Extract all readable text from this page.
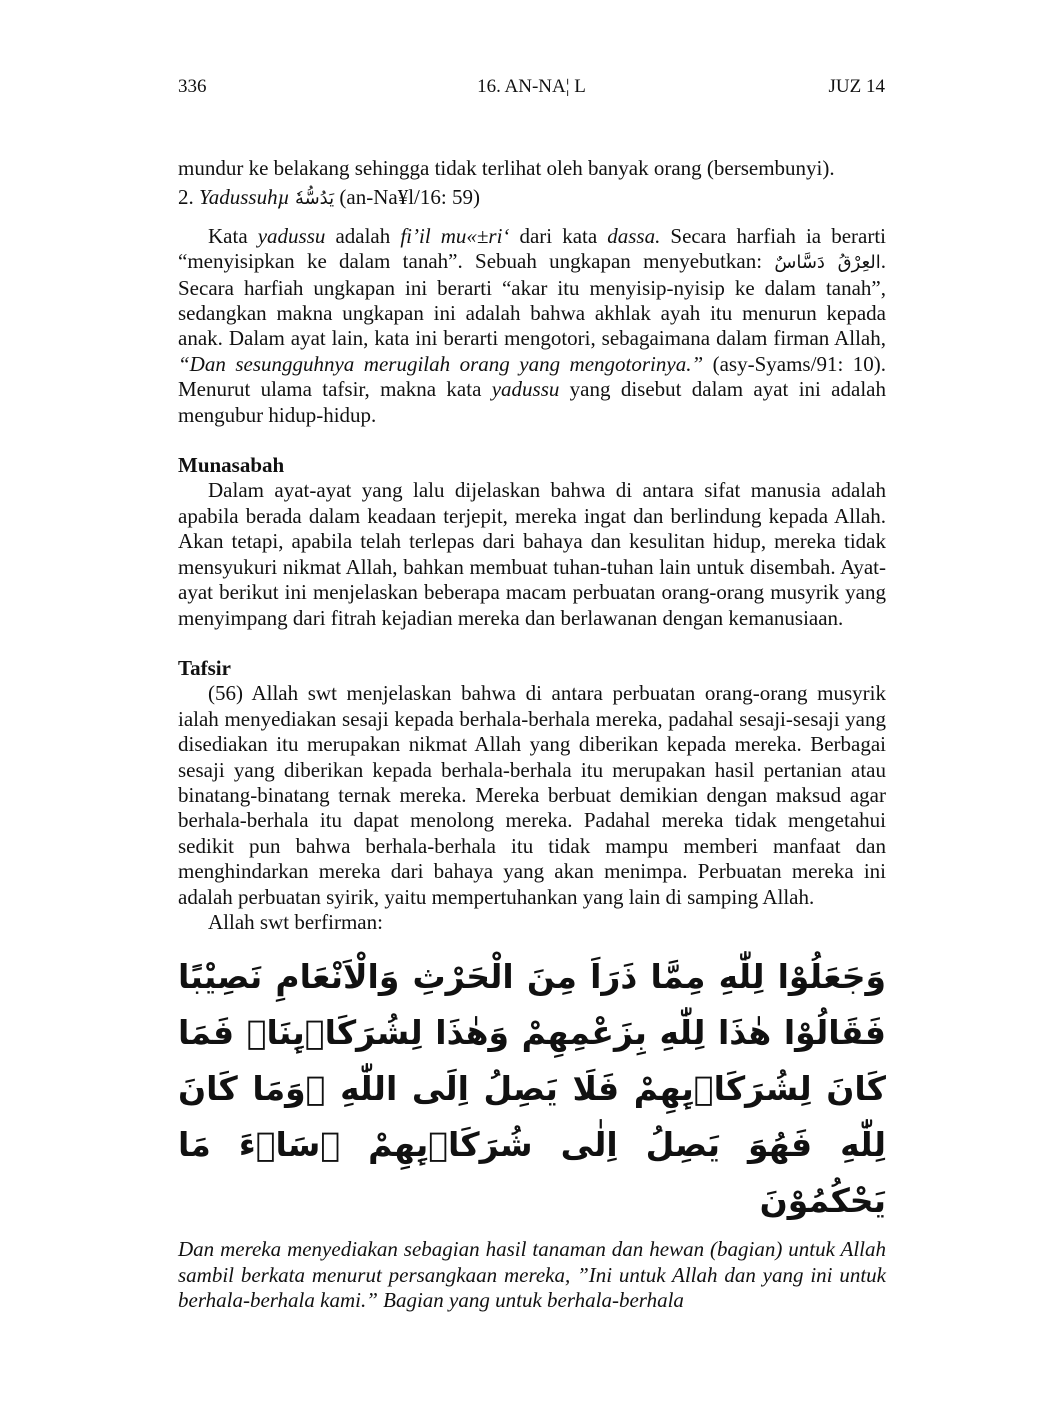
16. AN-NA¦ L
336	JUZ 14

mundur ke belakang sehingga tidak terlihat oleh banyak orang (bersembunyi).

2. Yadussuhµ يَدُسُّهٗ (an-Na¥l/16: 59)

Kata yadussu adalah fi’il mu«±ri‘ dari kata dassa. Secara harfiah ia berarti “menyisipkan ke dalam tanah”. Sebuah ungkapan menyebutkan: العِرْقُ دَسَّاسٌ. Secara harfiah ungkapan ini berarti “akar itu menyisip-nyisip ke dalam tanah”, sedangkan makna ungkapan ini adalah bahwa akhlak ayah itu menurun kepada anak. Dalam ayat lain, kata ini berarti mengotori, sebagaimana dalam firman Allah, “Dan sesungguhnya merugilah orang yang mengotorinya.” (asy-Syams/91: 10). Menurut ulama tafsir, makna kata yadussu yang disebut dalam ayat ini adalah mengubur hidup-hidup.

Munasabah

Dalam ayat-ayat yang lalu dijelaskan bahwa di antara sifat manusia adalah apabila berada dalam keadaan terjepit, mereka ingat dan berlindung kepada Allah. Akan tetapi, apabila telah terlepas dari bahaya dan kesulitan hidup, mereka tidak mensyukuri nikmat Allah, bahkan membuat tuhan-tuhan lain untuk disembah. Ayat-ayat berikut ini menjelaskan beberapa macam perbuatan orang-orang musyrik yang menyimpang dari fitrah kejadian mereka dan berlawanan dengan kemanusiaan.

Tafsir

(56) Allah swt menjelaskan bahwa di antara perbuatan orang-orang musyrik ialah menyediakan sesaji kepada berhala-berhala mereka, padahal sesaji-sesaji yang disediakan itu merupakan nikmat Allah yang diberikan kepada mereka. Berbagai sesaji yang diberikan kepada berhala-berhala itu merupakan hasil pertanian atau binatang-binatang ternak mereka. Mereka berbuat demikian dengan maksud agar berhala-berhala itu dapat menolong mereka. Padahal mereka tidak mengetahui sedikit pun bahwa berhala-berhala itu tidak mampu memberi manfaat dan menghindarkan mereka dari bahaya yang akan menimpa. Perbuatan mereka ini adalah perbuatan syirik, yaitu mempertuhankan yang lain di samping Allah.

Allah swt berfirman:

وَجَعَلُوْا لِلّٰهِ مِمَّا ذَرَاَ مِنَ الْحَرْثِ وَالْاَنْعَامِ نَصِيْبًا فَقَالُوْا هٰذَا لِلّٰهِ بِزَعْمِهِمْ وَهٰذَا لِشُرَكَاۤىِٕنَاۚ فَمَا كَانَ لِشُرَكَاۤىِٕهِمْ فَلَا يَصِلُ اِلَى اللّٰهِ ۚوَمَا كَانَ لِلّٰهِ فَهُوَ يَصِلُ اِلٰى شُرَكَاۤىِٕهِمْ ۗسَاۤءَ مَا يَحْكُمُوْنَ

Dan mereka menyediakan sebagian hasil tanaman dan hewan (bagian) untuk Allah sambil berkata menurut persangkaan mereka, ”Ini untuk Allah dan yang ini untuk berhala-berhala kami.” Bagian yang untuk berhala-berhala
